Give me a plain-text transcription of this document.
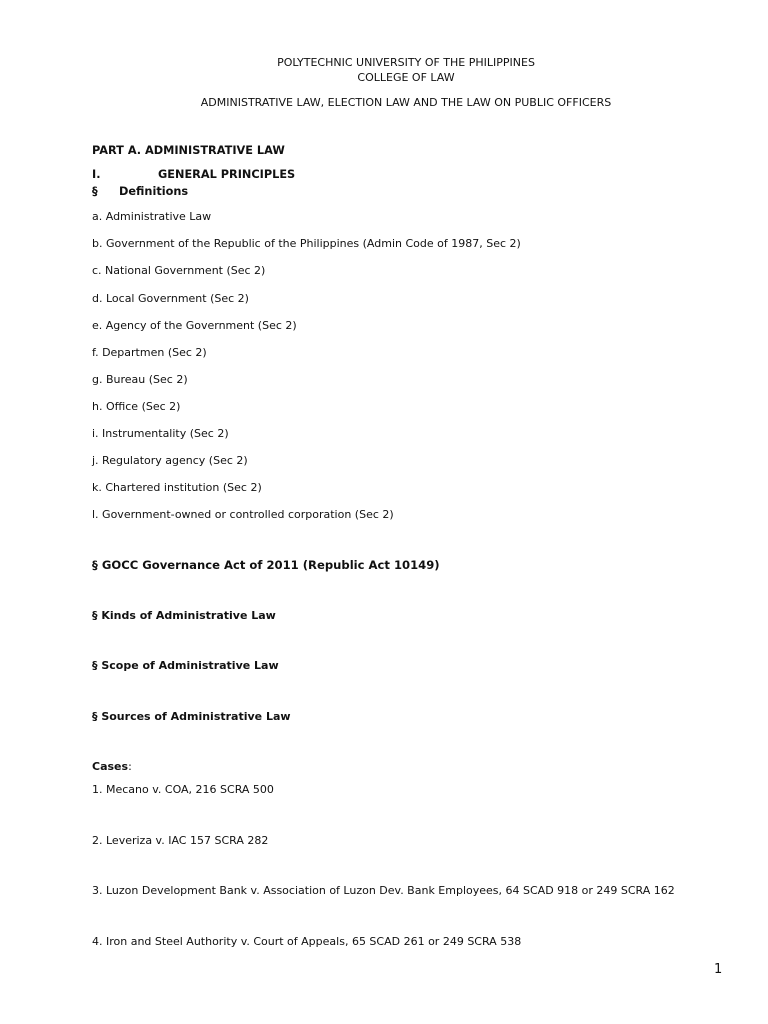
POLYTECHNIC UNIVERSITY OF THE PHILIPPINES
COLLEGE OF LAW
ADMINISTRATIVE LAW, ELECTION LAW AND THE LAW ON PUBLIC OFFICERS
PART A. ADMINISTRATIVE LAW
I.	GENERAL PRINCIPLES
§ Definitions
a. Administrative Law
b. Government of the Republic of the Philippines (Admin Code of 1987, Sec 2)
c. National Government (Sec 2)
d. Local Government (Sec 2)
e. Agency of the Government (Sec 2)
f. Departmen (Sec 2)
g. Bureau (Sec 2)
h. Office (Sec 2)
i. Instrumentality (Sec 2)
j. Regulatory agency (Sec 2)
k. Chartered institution (Sec 2)
l. Government-owned or controlled corporation (Sec 2)
§ GOCC Governance Act of 2011 (Republic Act 10149)
§ Kinds of Administrative Law
§ Scope of Administrative Law
§ Sources of Administrative Law
Cases:
1. Mecano v. COA, 216 SCRA 500
2. Leveriza v. IAC 157 SCRA 282
3. Luzon Development Bank v. Association of Luzon Dev. Bank Employees, 64 SCAD 918 or 249 SCRA 162
4. Iron and Steel Authority v. Court of Appeals, 65 SCAD 261 or 249 SCRA 538
1
